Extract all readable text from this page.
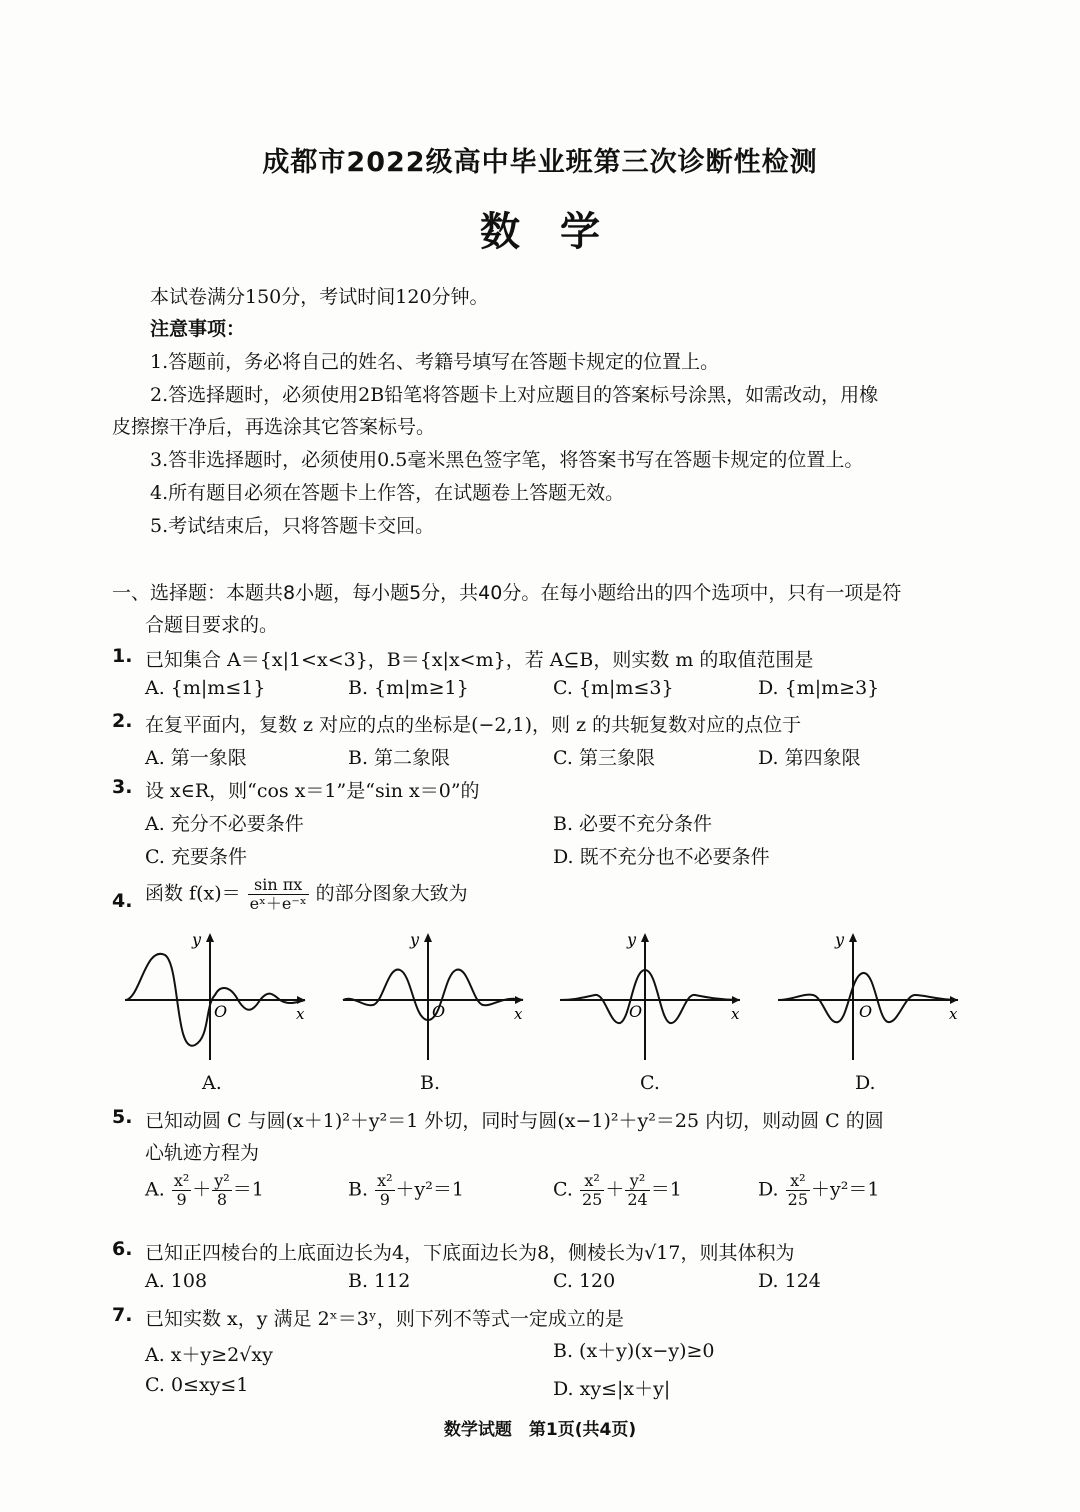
成都市2022级高中毕业班第三次诊断性检测
数学
本试卷满分150分，考试时间120分钟。
注意事项：
1.答题前，务必将自己的姓名、考籍号填写在答题卡规定的位置上。
2.答选择题时，必须使用2B铅笔将答题卡上对应题目的答案标号涂黑，如需改动，用橡
皮擦擦干净后，再选涂其它答案标号。
3.答非选择题时，必须使用0.5毫米黑色签字笔，将答案书写在答题卡规定的位置上。
4.所有题目必须在答题卡上作答，在试题卷上答题无效。
5.考试结束后，只将答题卡交回。
一、选择题：本题共8小题，每小题5分，共40分。在每小题给出的四个选项中，只有一项是符
合题目要求的。
1. 已知集合 A＝{x|1<x<3}，B＝{x|x<m}，若 A⊆B，则实数 m 的取值范围是
A. {m|m≤1}	B. {m|m≥1}	C. {m|m≤3}	D. {m|m≥3}
2. 在复平面内，复数 z 对应的点的坐标是(−2,1)，则 z 的共轭复数对应的点位于
A. 第一象限	B. 第二象限	C. 第三象限	D. 第四象限
3. 设 x∈R，则“cos x＝1”是“sin x＝0”的
A. 充分不必要条件	B. 必要不充分条件
C. 充要条件	D. 既不充分也不必要条件
4. 函数 $f(x)= \frac{\text{sin πx}}{\text{eˣ＋e⁻ˣ}}$ 的部分图象大致为
y
O	x
y
O	x
y
O	x
y
O	x
A.	B.	C.	D.
5. 已知动圆 C 与圆(x＋1)²＋y²＝1 外切，同时与圆(x−1)²＋y²＝25 内切，则动圆 C 的圆
心轨迹方程为
A. $\frac{\text{x²}}{9} + \frac{\text{y²}}{8} =1$	B. $\frac{\text{x²}}{9} +y^2=1$	C. $\frac{\text{x²}}{25} + \frac{\text{y²}}{24} =1$	D. $\frac{\text{x²}}{25} +y^2=1$
6. 已知正四棱台的上底面边长为4，下底面边长为8，侧棱长为√17，则其体积为
A. 108	B. 112	C. 120	D. 124
7. 已知实数 x，y 满足 2ˣ＝3ʸ，则下列不等式一定成立的是
A. x＋y≥2√xy	B. (x＋y)(x−y)≥0
C. 0≤xy≤1	D. xy≤|x＋y|
数学试题　第1页(共4页)
